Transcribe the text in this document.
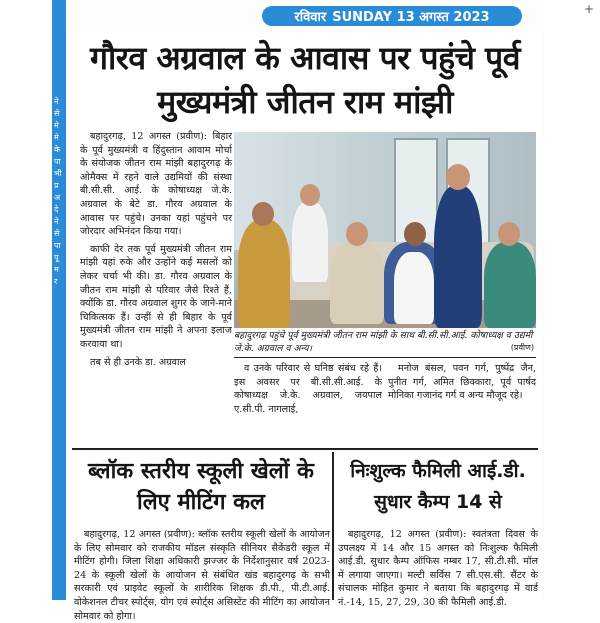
रविवार SUNDAY 13 अगस्त 2023
गौरव अग्रवाल के आवास पर पहुंचे पूर्व मुख्यमंत्री जीतन राम मांझी

बहादुरगढ़, 12 अगस्त (प्रवीण): बिहार के पूर्व मुख्यमंत्री व हिंदुस्तान आवाम मोर्चा के संयोजक जीतन राम मांझी बहादुरगढ़ के ओमैक्स में रहने वाले उद्यमियों की संस्था बी.सी.सी. आई. के कोषाध्यक्ष जे.के. अग्रवाल के बेटे डा. गौरव अग्रवाल के आवास पर पहुंचे। उनका यहां पहुंचने पर जोरदार अभिनंदन किया गया।

काफी देर तक पूर्व मुख्यमंत्री जीतन राम मांझी यहां रुके और उन्होंने कई मसलों को लेकर चर्चा भी की। डा. गौरव अग्रवाल के जीतन राम मांझी से परिवार जैसे रिश्ते हैं, क्योंकि डा. गौरव अग्रवाल शुगर के जाने-माने चिकित्सक हैं। उन्हीं से ही बिहार के पूर्व मुख्यमंत्री जीतन राम मांझी ने अपना इलाज करवाया था।

तब से ही उनके डा. अग्रवाल

बहादुरगढ़ पहुंचे पूर्व मुख्यमंत्री जीतन राम मांझी के साथ बी.सी.सी.आई. कोषाध्यक्ष व उद्यमी जे.के. अग्रवाल व अन्य।	(प्रवीण)

व उनके परिवार से घनिष्ठ संबंध रहे हैं। इस अवसर पर बी.सी.सी.आई. के कोषाध्यक्ष जे.के. अग्रवाल, जयपाल ए.सी.पी. नागलाई,

मनोज बंसल, पवन गर्ग, पुष्पेंद्र जैन, पुनीत गर्ग, अमित छिक्कारा, पूर्व पार्षद मोनिका गजानंद गर्ग व अन्य मौजूद रहे।

ब्लॉक स्तरीय स्कूली खेलों के लिए मीटिंग कल
निःशुल्क फैमिली आई.डी. सुधार कैम्प 14 से

बहादुरगढ़, 12 अगस्त (प्रवीण): ब्लॉक स्तरीय स्कूली खेलों के आयोजन के लिए सोमवार को राजकीय मॉडल संस्कृति सीनियर सैकेंडरी स्कूल में मीटिंग होगी। जिला शिक्षा अधिकारी झज्जर के निर्देशानुसार वर्ष 2023-24 के स्कूली खेलों के आयोजन से संबंधित खंड बहादुरगढ़ के सभी सरकारी एवं प्राइवेट स्कूलों के शारीरिक शिक्षक डी.पी., पी.टी.आई. वोकेशनल टीचर स्पोर्ट्स, योग एवं स्पोर्ट्स असिस्टेंट की मीटिंग का आयोजन सोमवार को होगा।

बहादुरगढ़, 12 अगस्त (प्रवीण): स्वतंत्रता दिवस के उपलक्ष्य में 14 और 15 अगस्त को निःशुल्क फैमिली आई.डी. सुधार कैम्प ऑफिस नम्बर 17, सी.टी.सी. मॉल में लगाया जाएगा। मल्टी सर्विस 7 सी.एस.सी. सैंटर के संचालक मोहित कुमार ने बताया कि बहादुरगढ़ में वार्ड नं.-14, 15, 27, 29, 30 की फैमिली आई.डी.

ने से मे मे के पा भी प्र अ दे ने से पा पू म र
+
